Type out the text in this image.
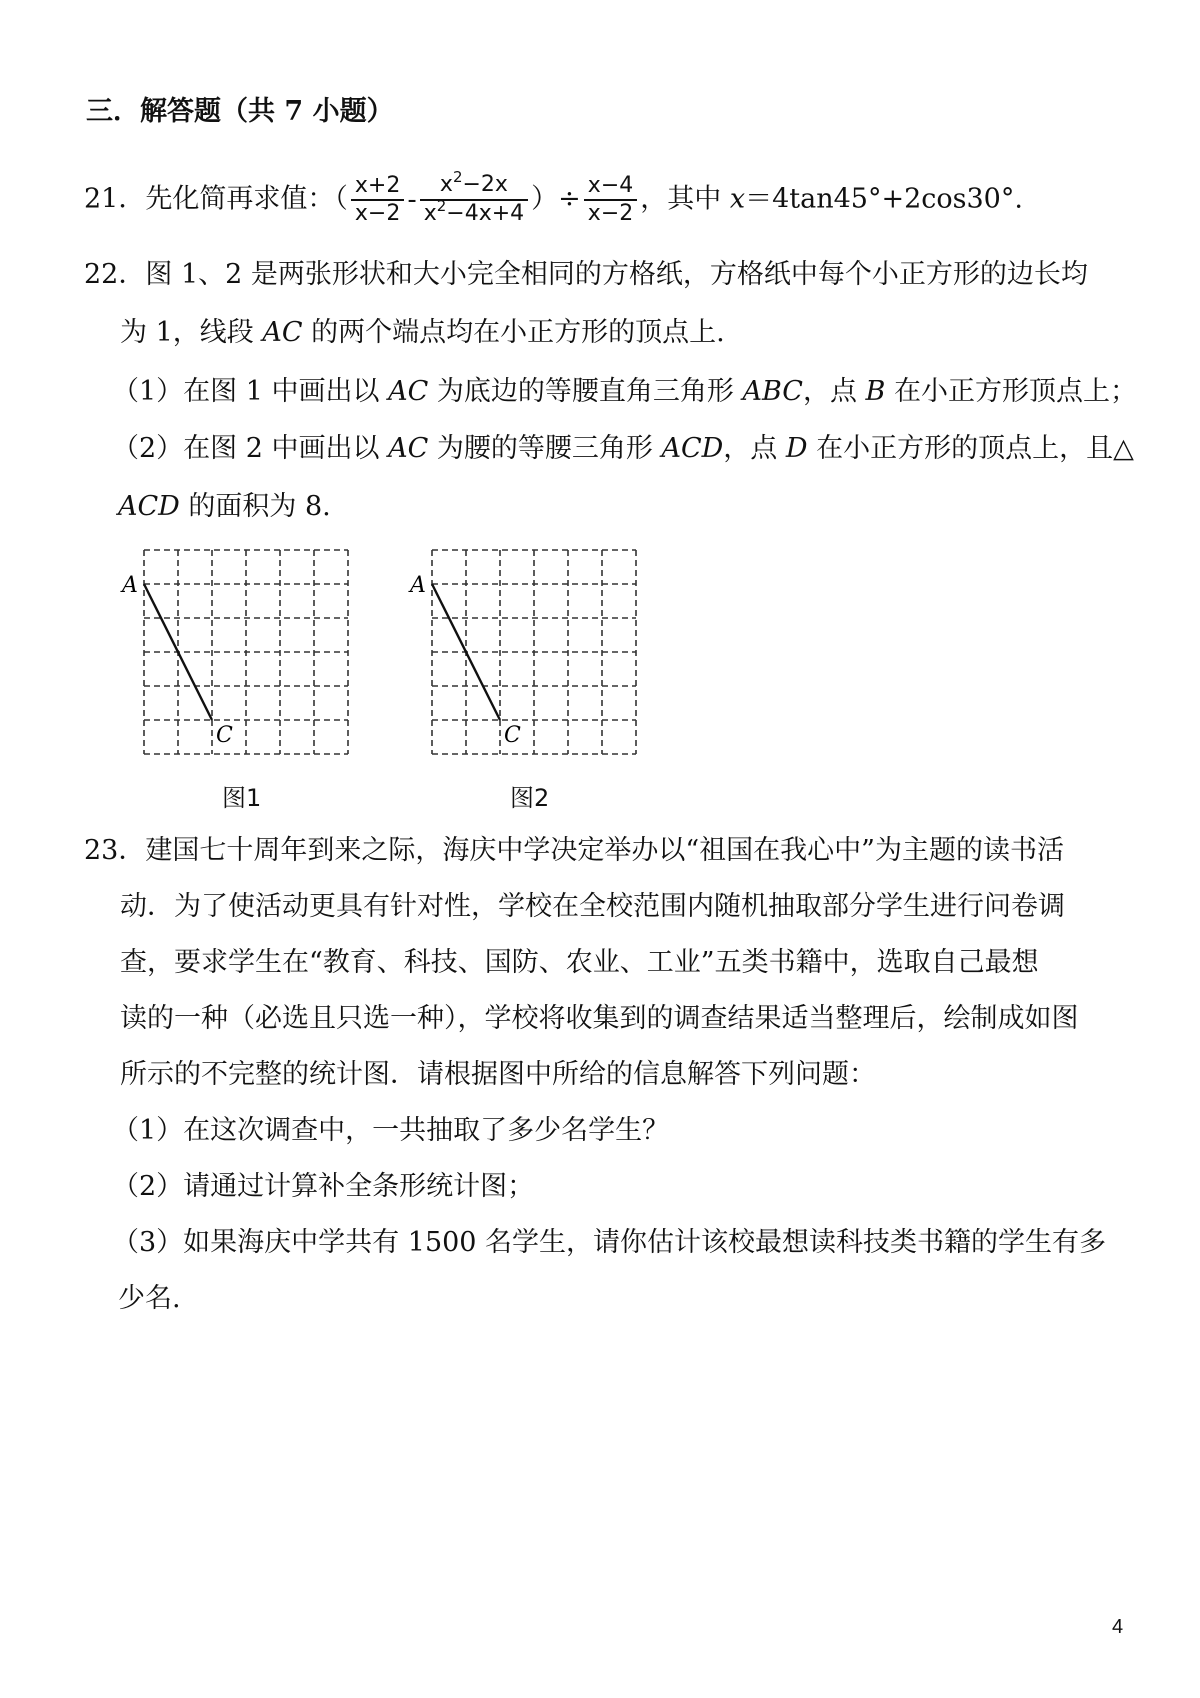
三．解答题（共 7 小题）
21．先化简再求值：（ $\frac{x+2}{x-2} - \frac{x^2-2x}{x^2-4x+4}$ ）÷ $\frac{x-4}{x-2}$ ，其中 x＝4tan45°+2cos30°.
22．图 1、2 是两张形状和大小完全相同的方格纸，方格纸中每个小正方形的边长均
为 1，线段 AC 的两个端点均在小正方形的顶点上.
（1）在图 1 中画出以 AC 为底边的等腰直角三角形 ABC，点 B 在小正方形顶点上；
（2）在图 2 中画出以 AC 为腰的等腰三角形 ACD，点 D 在小正方形的顶点上，且△
ACD 的面积为 8.
A
C
图1
A
C
图2
23．建国七十周年到来之际，海庆中学决定举办以“祖国在我心中”为主题的读书活
动．为了使活动更具有针对性，学校在全校范围内随机抽取部分学生进行问卷调
查，要求学生在“教育、科技、国防、农业、工业”五类书籍中，选取自己最想
读的一种（必选且只选一种），学校将收集到的调查结果适当整理后，绘制成如图
所示的不完整的统计图．请根据图中所给的信息解答下列问题：
（1）在这次调查中，一共抽取了多少名学生？
（2）请通过计算补全条形统计图；
（3）如果海庆中学共有 1500 名学生，请你估计该校最想读科技类书籍的学生有多
少名.
4
